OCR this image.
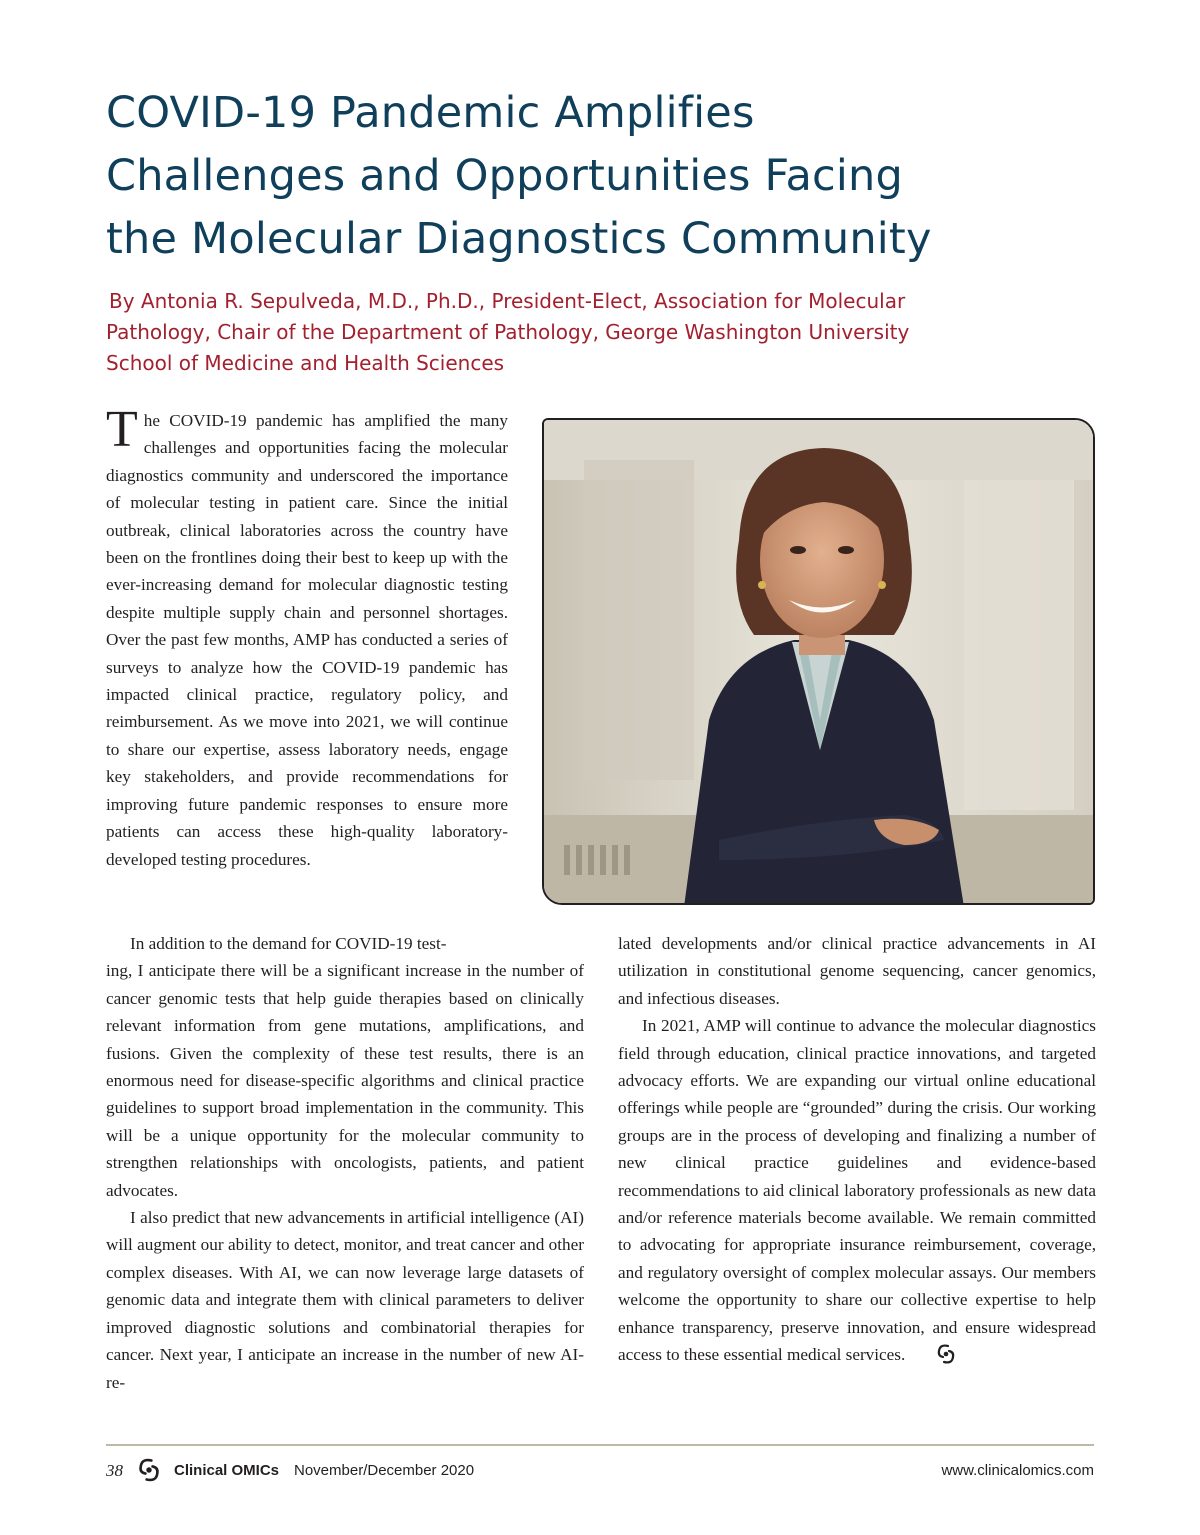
COVID-19 Pandemic Amplifies
Challenges and Opportunities Facing
the Molecular Diagnostics Community
By Antonia R. Sepulveda, M.D., Ph.D., President-Elect, Association for Molecular
Pathology, Chair of the Department of Pathology, George Washington University
School of Medicine and Health Sciences

The COVID-19 pandemic has amplified the many challenges and opportunities facing the molecular diagnostics community and underscored the importance of molecular testing in patient care. Since the initial outbreak, clinical laboratories across the country have been on the frontlines doing their best to keep up with the ever-increasing demand for molecular diagnostic testing despite multiple supply chain and personnel shortages. Over the past few months, AMP has conducted a series of surveys to analyze how the COVID-19 pandemic has impacted clinical practice, regulatory policy, and reimbursement. As we move into 2021, we will continue to share our expertise, assess laboratory needs, engage key stakeholders, and provide recommendations for improving future pandemic responses to ensure more patients can access these high-quality laboratory-developed testing procedures.

In addition to the demand for COVID-19 test-
ing, I anticipate there will be a significant increase in the number of cancer genomic tests that help guide therapies based on clinically relevant information from gene mutations, amplifications, and fusions. Given the complexity of these test results, there is an enormous need for disease-specific algorithms and clinical practice guidelines to support broad implementation in the community. This will be a unique opportunity for the molecular community to strengthen relationships with oncologists, patients, and patient advocates.

I also predict that new advancements in artificial intelligence (AI) will augment our ability to detect, monitor, and treat cancer and other complex diseases. With AI, we can now leverage large datasets of genomic data and integrate them with clinical parameters to deliver improved diagnostic solutions and combinatorial therapies for cancer. Next year, I anticipate an increase in the number of new AI-re-

lated developments and/or clinical practice advancements in AI utilization in constitutional genome sequencing, cancer genomics, and infectious diseases.

In 2021, AMP will continue to advance the molecular diagnostics field through education, clinical practice innovations, and targeted advocacy efforts. We are expanding our virtual online educational offerings while people are “grounded” during the crisis. Our working groups are in the process of developing and finalizing a number of new clinical practice guidelines and evidence-based recommendations to aid clinical laboratory professionals as new data and/or reference materials become available. We remain committed to advocating for appropriate insurance reimbursement, coverage, and regulatory oversight of complex molecular assays. Our members welcome the opportunity to share our collective expertise to help enhance transparency, preserve innovation, and ensure widespread access to these essential medical services.

38	Clinical OMICs November/December 2020	www.clinicalomics.com
